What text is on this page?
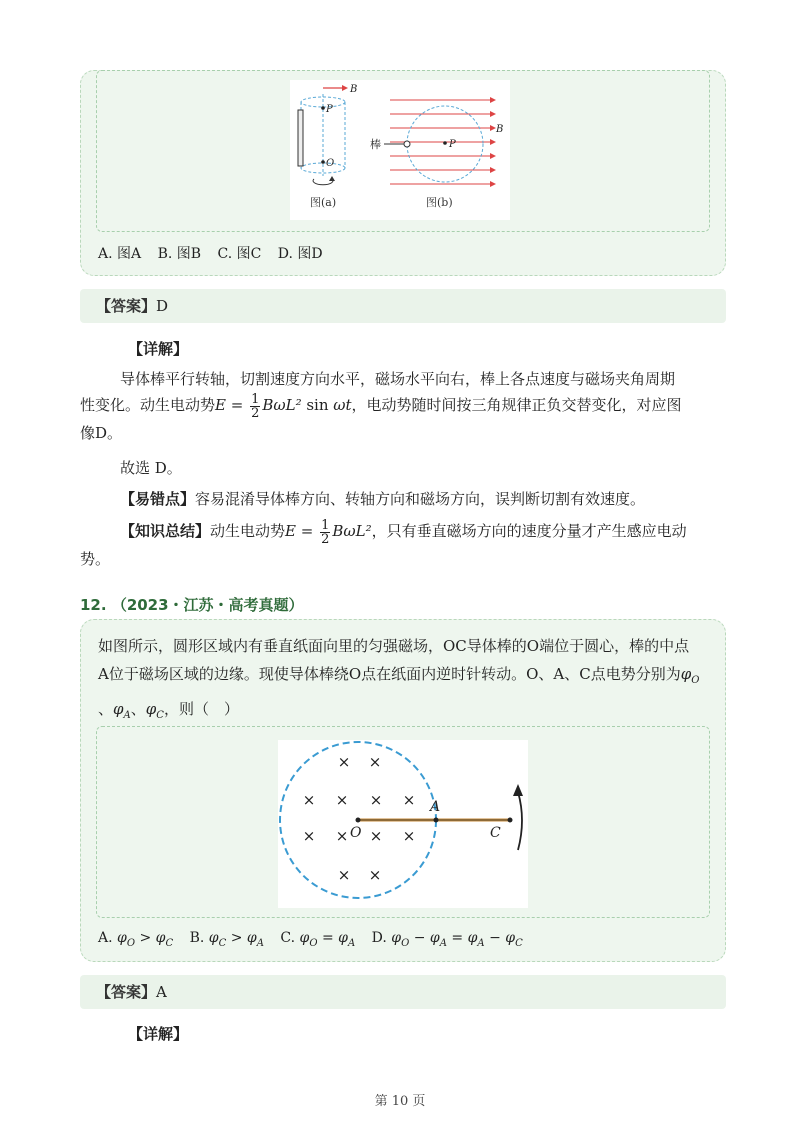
B
P
O
图(a)
B
棒	P
图(b)
A. 图A B. 图B C. 图C D. 图D
【答案】D
【详解】
导体棒平行转轴，切割速度方向水平，磁场水平向右，棒上各点速度与磁场夹角周期
性变化。动生电动势$E = \frac{1}{2} B\omega L^2$ sin ωt，电动势随时间按三角规律正负交替变化，对应图
像D。
故选 D。
【易错点】容易混淆导体棒方向、转轴方向和磁场方向，误判断切割有效速度。
【知识总结】动生电动势$E = \frac{1}{2} B\omega L^2$，只有垂直磁场方向的速度分量才产生感应电动
势。
12. （2023・江苏・高考真题）
如图所示，圆形区域内有垂直纸面向里的匀强磁场，OC导体棒的O端位于圆心，棒的中点
A位于磁场区域的边缘。现使导体棒绕O点在纸面内逆时针转动。O、A、C点电势分别为$\varphi_O$
、$\varphi_A$、$\varphi_C$，则（　）
× ×
× × × ×
× × × ×
× ×
O
A
C
A. $\varphi_O > \varphi_C$ B. $\varphi_C > \varphi_A$ C. $\varphi_O = \varphi_A$ D. $\varphi_O - \varphi_A = \varphi_A - \varphi_C$
【答案】A
【详解】
第 10 页
